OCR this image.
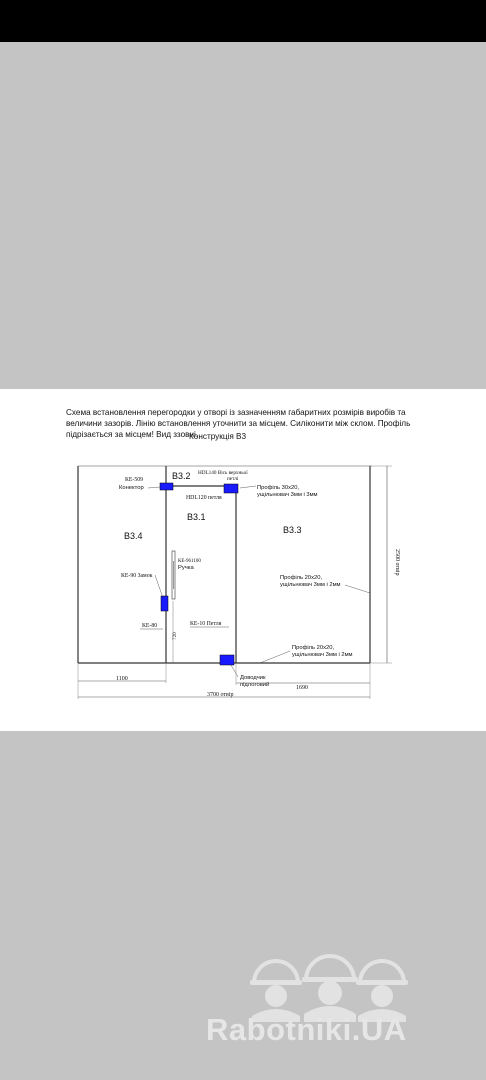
Схема встановлення перегородки у отворі із зазначенням габаритних розмірів виробів та величини зазорів. Лінію встановлення уточнити за місцем. Силіконити між склом. Профіль підрізається за місцем! Вид ззовні.
Конструкція В3
В3.2
В3.1
В3.4
В3.3
КЕ-509
Конектор
HDL140 Вісь верхньої
петлі
HDL120 петля
Профіль 30х20,
ущільнювач 3мм і 3мм
Профіль 20х20,
ущільнювач 3мм і 2мм
Профіль 20х20,
ущільнювач 3мм і 2мм
КЕ-961100
Ручка
КЕ-90 Замок
КЕ-80	КЕ-10 Петля
Доводчик
підлоговий
720
2500 отвір
1100
1690
3700 отвір
Rabotniki.UA
